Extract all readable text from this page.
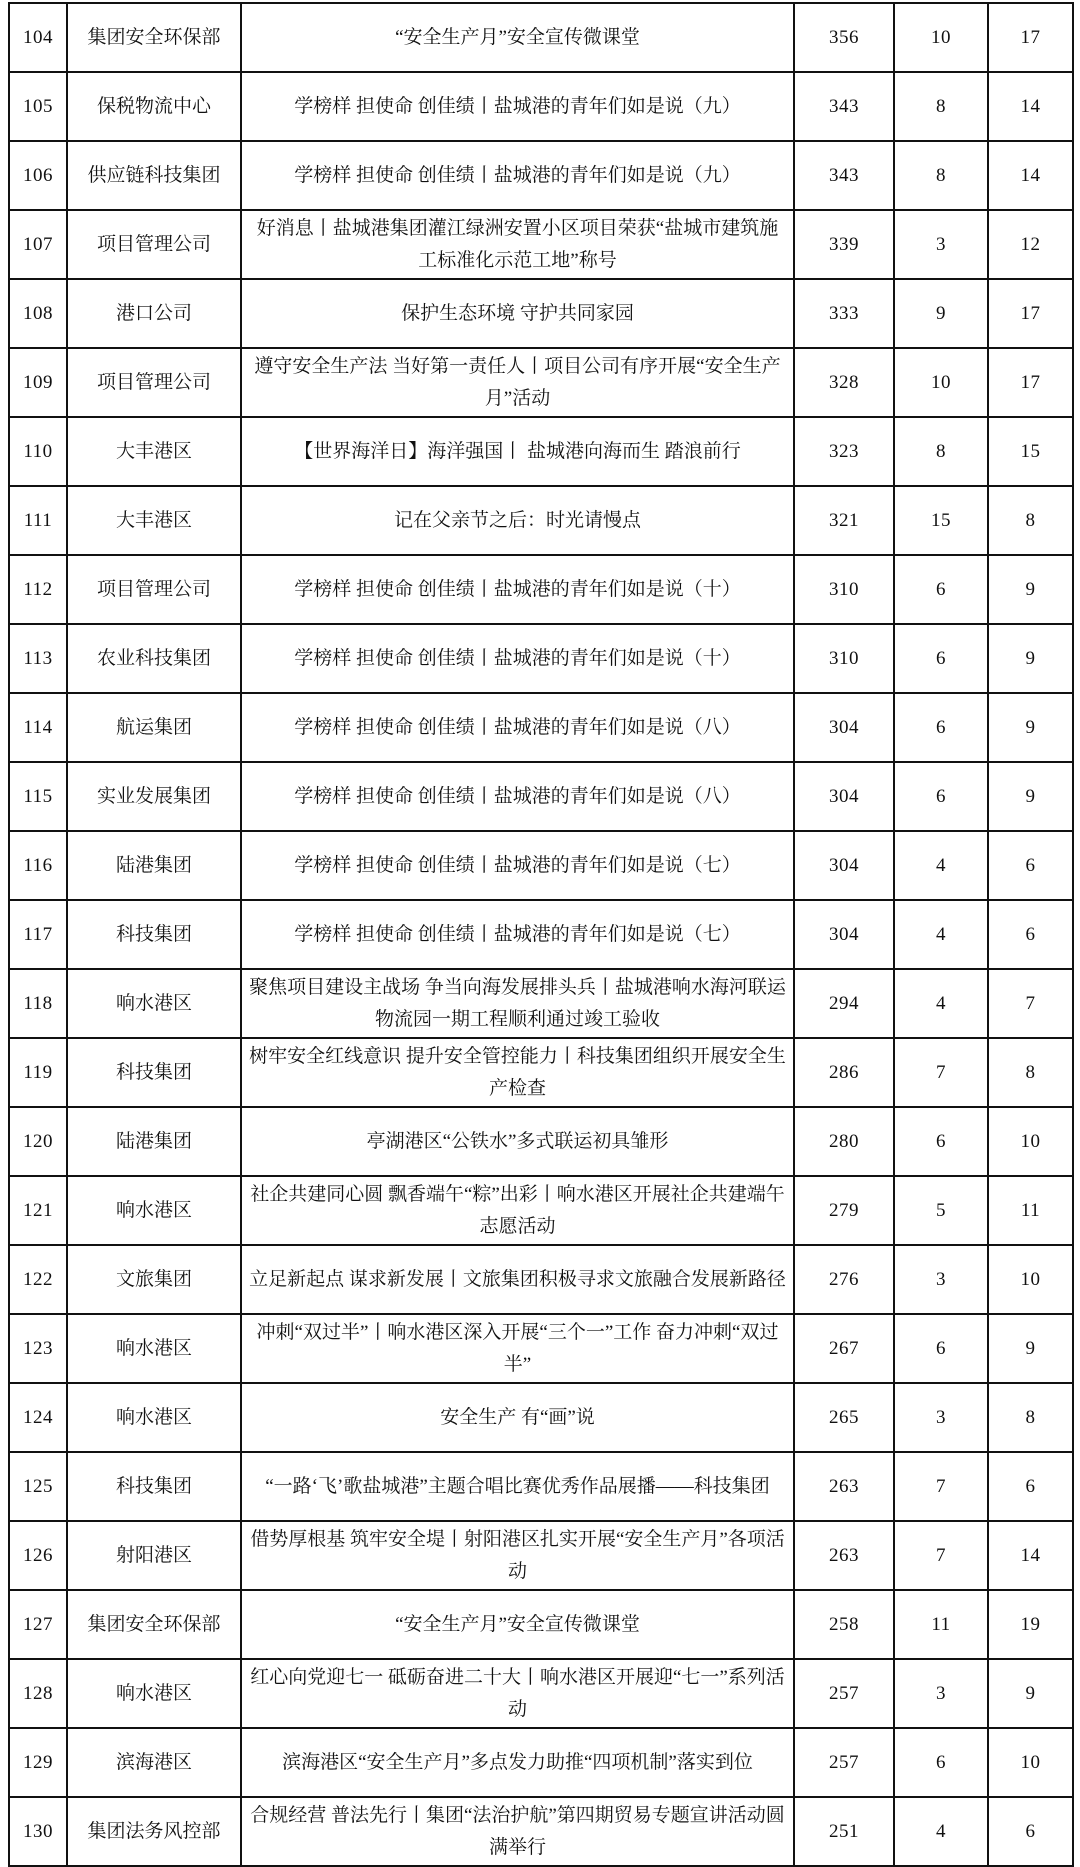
104	集团安全环保部	“安全生产月”安全宣传微课堂	356	10	17
105	保税物流中心	学榜样 担使命 创佳绩丨盐城港的青年们如是说（九）	343	8	14
106	供应链科技集团	学榜样 担使命 创佳绩丨盐城港的青年们如是说（九）	343	8	14
107	项目管理公司	好消息丨盐城港集团灌江绿洲安置小区项目荣获“盐城市建筑施工标准化示范工地”称号	339	3	12
108	港口公司	保护生态环境 守护共同家园	333	9	17
109	项目管理公司	遵守安全生产法 当好第一责任人丨项目公司有序开展“安全生产月”活动	328	10	17
110	大丰港区	【世界海洋日】海洋强国丨 盐城港向海而生 踏浪前行	323	8	15
111	大丰港区	记在父亲节之后：时光请慢点	321	15	8
112	项目管理公司	学榜样 担使命 创佳绩丨盐城港的青年们如是说（十）	310	6	9
113	农业科技集团	学榜样 担使命 创佳绩丨盐城港的青年们如是说（十）	310	6	9
114	航运集团	学榜样 担使命 创佳绩丨盐城港的青年们如是说（八）	304	6	9
115	实业发展集团	学榜样 担使命 创佳绩丨盐城港的青年们如是说（八）	304	6	9
116	陆港集团	学榜样 担使命 创佳绩丨盐城港的青年们如是说（七）	304	4	6
117	科技集团	学榜样 担使命 创佳绩丨盐城港的青年们如是说（七）	304	4	6
118	响水港区	聚焦项目建设主战场 争当向海发展排头兵丨盐城港响水海河联运物流园一期工程顺利通过竣工验收	294	4	7
119	科技集团	树牢安全红线意识 提升安全管控能力丨科技集团组织开展安全生产检查	286	7	8
120	陆港集团	亭湖港区“公铁水”多式联运初具雏形	280	6	10
121	响水港区	社企共建同心圆 飘香端午“粽”出彩丨响水港区开展社企共建端午志愿活动	279	5	11
122	文旅集团	立足新起点 谋求新发展丨文旅集团积极寻求文旅融合发展新路径	276	3	10
123	响水港区	冲刺“双过半”丨响水港区深入开展“三个一”工作 奋力冲刺“双过半”	267	6	9
124	响水港区	安全生产 有“画”说	265	3	8
125	科技集团	“一路‘飞’歌盐城港”主题合唱比赛优秀作品展播——科技集团	263	7	6
126	射阳港区	借势厚根基 筑牢安全堤丨射阳港区扎实开展“安全生产月”各项活动	263	7	14
127	集团安全环保部	“安全生产月”安全宣传微课堂	258	11	19
128	响水港区	红心向党迎七一 砥砺奋进二十大丨响水港区开展迎“七一”系列活动	257	3	9
129	滨海港区	滨海港区“安全生产月”多点发力助推“四项机制”落实到位	257	6	10
130	集团法务风控部	合规经营 普法先行丨集团“法治护航”第四期贸易专题宣讲活动圆满举行	251	4	6
